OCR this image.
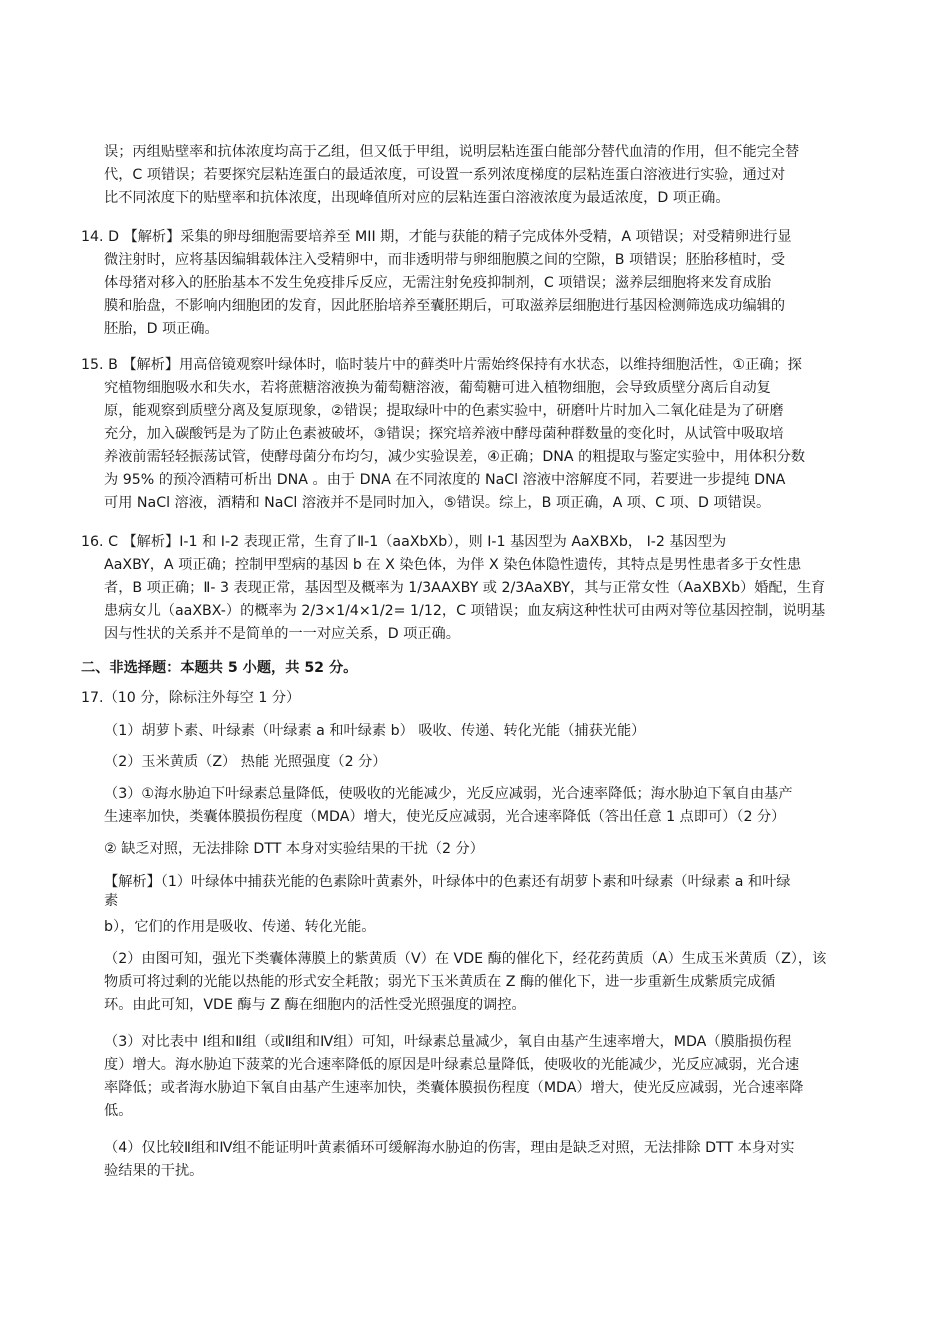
误；丙组贴壁率和抗体浓度均高于乙组，但又低于甲组，说明层粘连蛋白能部分替代血清的作用，但不能完全替

代，C 项错误；若要探究层粘连蛋白的最适浓度，可设置一系列浓度梯度的层粘连蛋白溶液进行实验，通过对

比不同浓度下的贴壁率和抗体浓度，出现峰值所对应的层粘连蛋白溶液浓度为最适浓度，D 项正确。

14. D 【解析】采集的卵母细胞需要培养至 MII 期，才能与获能的精子完成体外受精，A 项错误；对受精卵进行显

微注射时，应将基因编辑载体注入受精卵中，而非透明带与卵细胞膜之间的空隙，B 项错误；胚胎移植时，受

体母猪对移入的胚胎基本不发生免疫排斥反应，无需注射免疫抑制剂，C 项错误；滋养层细胞将来发育成胎

膜和胎盘，不影响内细胞团的发育，因此胚胎培养至囊胚期后，可取滋养层细胞进行基因检测筛选成功编辑的

胚胎，D 项正确。

15. B 【解析】用高倍镜观察叶绿体时，临时装片中的藓类叶片需始终保持有水状态，以维持细胞活性，①正确；探

究植物细胞吸水和失水，若将蔗糖溶液换为葡萄糖溶液，葡萄糖可进入植物细胞，会导致质壁分离后自动复

原，能观察到质壁分离及复原现象，②错误；提取绿叶中的色素实验中，研磨叶片时加入二氧化硅是为了研磨

充分，加入碳酸钙是为了防止色素被破坏，③错误；探究培养液中酵母菌种群数量的变化时，从试管中吸取培

养液前需轻轻振荡试管，使酵母菌分布均匀，减少实验误差，④正确；DNA 的粗提取与鉴定实验中，用体积分数

为 95% 的预冷酒精可析出 DNA 。由于 DNA 在不同浓度的 NaCl 溶液中溶解度不同，若要进一步提纯 DNA

可用 NaCl 溶液，酒精和 NaCl 溶液并不是同时加入，⑤错误。综上，B 项正确，A 项、C 项、D 项错误。

16. C 【解析】Ⅰ-1 和 Ⅰ-2 表现正常，生育了Ⅱ-1（aaXbXb），则 Ⅰ-1 基因型为 AaXBXb， Ⅰ-2 基因型为

AaXBY，A 项正确；控制甲型病的基因 b 在 X 染色体，为伴 X 染色体隐性遗传，其特点是男性患者多于女性患

者，B 项正确；Ⅱ- 3 表现正常，基因型及概率为 1/3AAXBY 或 2/3AaXBY，其与正常女性（AaXBXb）婚配，生育

患病女儿（aaXBX-）的概率为 2/3×1/4×1/2= 1/12，C 项错误；血友病这种性状可由两对等位基因控制，说明基

因与性状的关系并不是简单的一一对应关系，D 项正确。

二、非选择题：本题共 5 小题，共 52 分。

17.（10 分，除标注外每空 1 分）

（1）胡萝卜素、叶绿素（叶绿素 a 和叶绿素 b） 吸收、传递、转化光能（捕获光能）

（2）玉米黄质（Z） 热能 光照强度（2 分）

（3）①海水胁迫下叶绿素总量降低，使吸收的光能减少，光反应减弱，光合速率降低；海水胁迫下氧自由基产

生速率加快，类囊体膜损伤程度（MDA）增大，使光反应减弱，光合速率降低（答出任意 1 点即可）（2 分）

② 缺乏对照，无法排除 DTT 本身对实验结果的干扰（2 分）

【解析】（1）叶绿体中捕获光能的色素除叶黄素外，叶绿体中的色素还有胡萝卜素和叶绿素（叶绿素 a 和叶绿

素

b），它们的作用是吸收、传递、转化光能。

（2）由图可知，强光下类囊体薄膜上的紫黄质（V）在 VDE 酶的催化下，经花药黄质（A）生成玉米黄质（Z），该

物质可将过剩的光能以热能的形式安全耗散；弱光下玉米黄质在 Z 酶的催化下，进一步重新生成紫质完成循

环。由此可知，VDE 酶与 Z 酶在细胞内的活性受光照强度的调控。

（3）对比表中 Ⅰ组和Ⅱ组（或Ⅱ组和Ⅳ组）可知，叶绿素总量减少，氧自由基产生速率增大，MDA（膜脂损伤程

度）增大。海水胁迫下菠菜的光合速率降低的原因是叶绿素总量降低，使吸收的光能减少，光反应减弱，光合速

率降低；或者海水胁迫下氧自由基产生速率加快，类囊体膜损伤程度（MDA）增大，使光反应减弱，光合速率降

低。

（4）仅比较Ⅱ组和Ⅳ组不能证明叶黄素循环可缓解海水胁迫的伤害，理由是缺乏对照，无法排除 DTT 本身对实

验结果的干扰。
